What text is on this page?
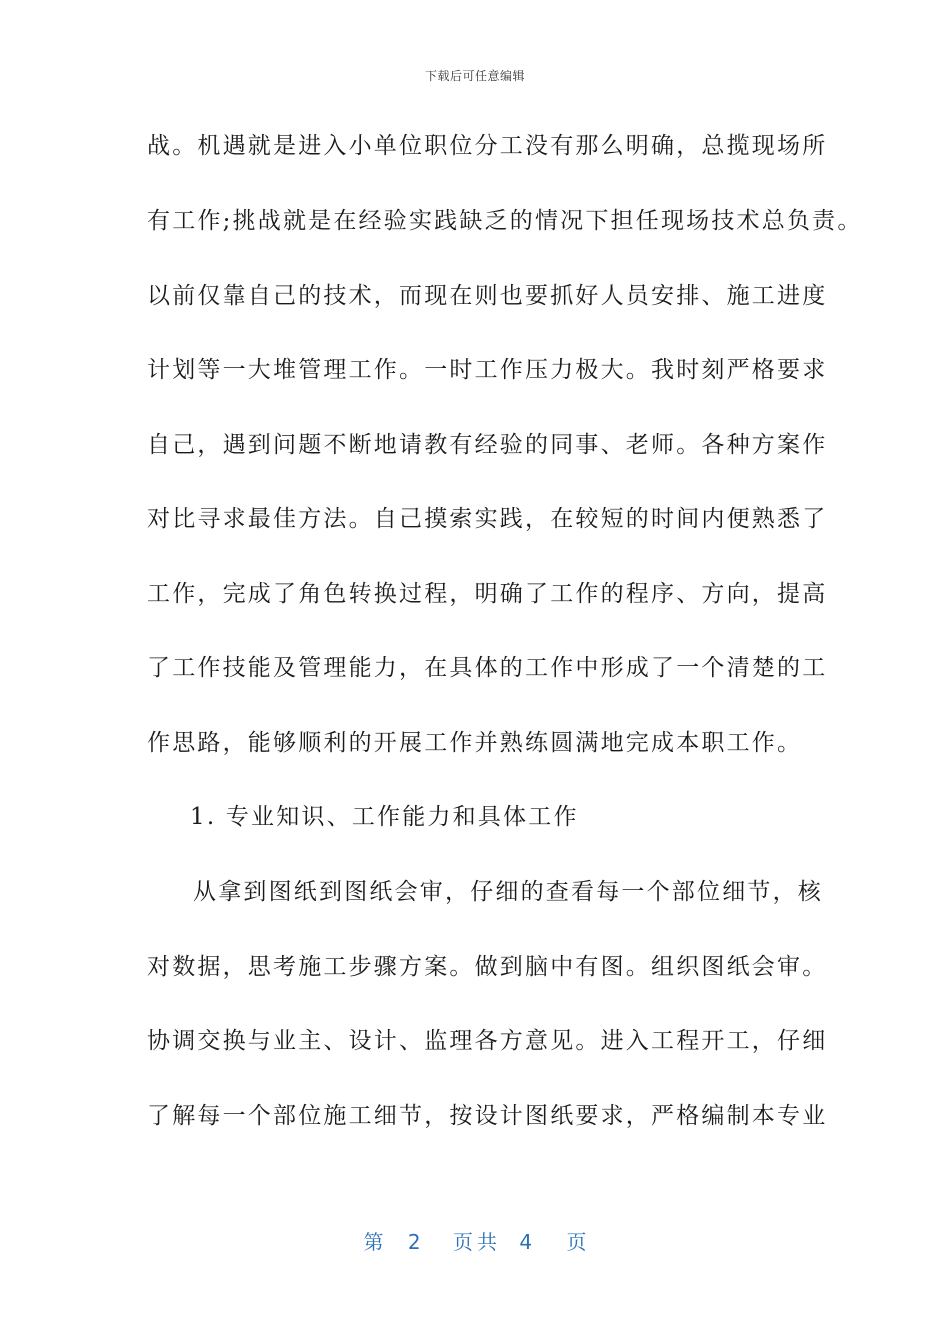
下载后可任意编辑
战。机遇就是进入小单位职位分工没有那么明确，总揽现场所
有工作;挑战就是在经验实践缺乏的情况下担任现场技术总负责。
以前仅靠自己的技术，而现在则也要抓好人员安排、施工进度
计划等一大堆管理工作。一时工作压力极大。我时刻严格要求
自己，遇到问题不断地请教有经验的同事、老师。各种方案作
对比寻求最佳方法。自己摸索实践，在较短的时间内便熟悉了
工作，完成了角色转换过程，明确了工作的程序、方向，提高
了工作技能及管理能力，在具体的工作中形成了一个清楚的工
作思路，能够顺利的开展工作并熟练圆满地完成本职工作。
1. 专业知识、工作能力和具体工作
从拿到图纸到图纸会审，仔细的查看每一个部位细节，核
对数据，思考施工步骤方案。做到脑中有图。组织图纸会审。
协调交换与业主、设计、监理各方意见。进入工程开工，仔细
了解每一个部位施工细节，按设计图纸要求，严格编制本专业
第 2 页共 4 页
